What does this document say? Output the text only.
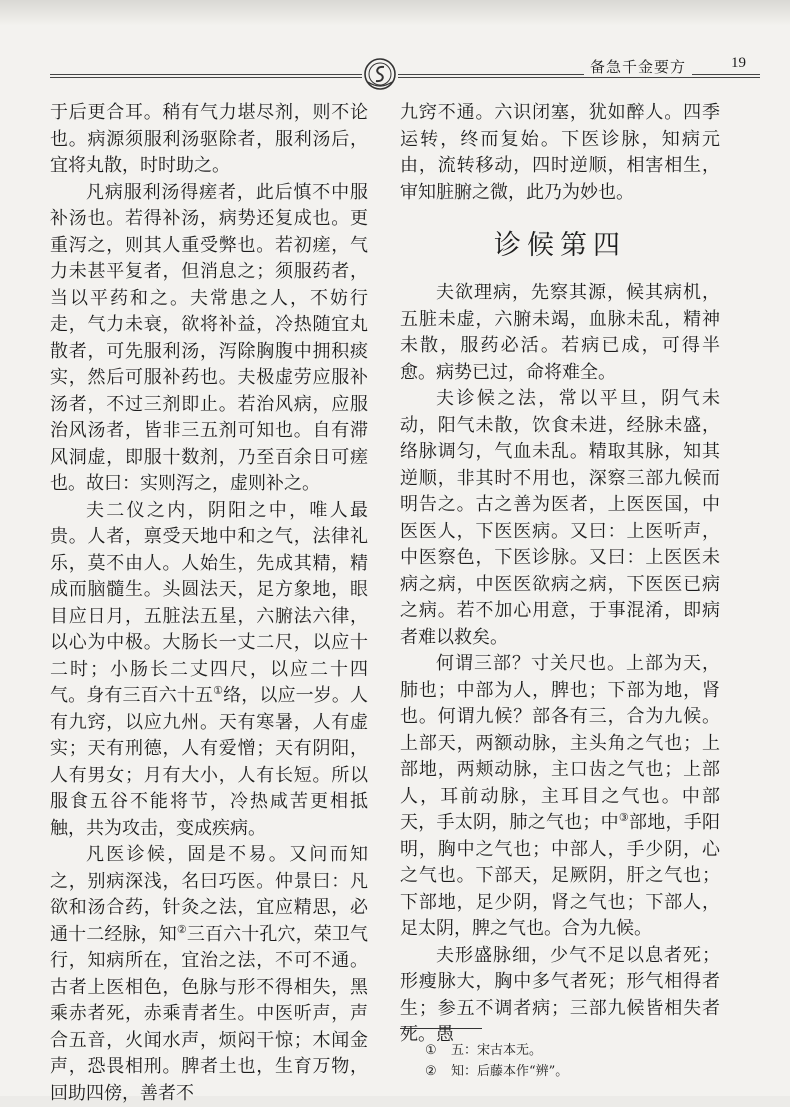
备急千金要方	19

于后更合耳。稍有气力堪尽剂，则不论也。病源须服利汤驱除者，服利汤后，宜将丸散，时时助之。

凡病服利汤得瘥者，此后慎不中服补汤也。若得补汤，病势还复成也。更重泻之，则其人重受弊也。若初瘥，气力未甚平复者，但消息之；须服药者，当以平药和之。夫常患之人，不妨行走，气力未衰，欲将补益，冷热随宜丸散者，可先服利汤，泻除胸腹中拥积痰实，然后可服补药也。夫极虚劳应服补汤者，不过三剂即止。若治风病，应服治风汤者，皆非三五剂可知也。自有滞风洞虚，即服十数剂，乃至百余日可瘥也。故曰：实则泻之，虚则补之。

夫二仪之内，阴阳之中，唯人最贵。人者，禀受天地中和之气，法律礼乐，莫不由人。人始生，先成其精，精成而脑髓生。头圆法天，足方象地，眼目应日月，五脏法五星，六腑法六律，以心为中极。大肠长一丈二尺，以应十二时；小肠长二丈四尺，以应二十四气。身有三百六十五①络，以应一岁。人有九窍，以应九州。天有寒暑，人有虚实；天有刑德，人有爱憎；天有阴阳，人有男女；月有大小，人有长短。所以服食五谷不能将节，冷热咸苦更相抵触，共为攻击，变成疾病。

凡医诊候，固是不易。又问而知之，别病深浅，名曰巧医。仲景曰：凡欲和汤合药，针灸之法，宜应精思，必通十二经脉，知②三百六十孔穴，荣卫气行，知病所在，宜治之法，不可不通。古者上医相色，色脉与形不得相失，黑乘赤者死，赤乘青者生。中医听声，声合五音，火闻水声，烦闷干惊；木闻金声，恐畏相刑。脾者土也，生育万物，回助四傍，善者不

九窍不通。六识闭塞，犹如醉人。四季运转，终而复始。下医诊脉，知病元由，流转移动，四时逆顺，相害相生，审知脏腑之微，此乃为妙也。

诊候第四

夫欲理病，先察其源，候其病机，五脏未虚，六腑未竭，血脉未乱，精神未散，服药必活。若病已成，可得半愈。病势已过，命将难全。

夫诊候之法，常以平旦，阴气未动，阳气未散，饮食未进，经脉未盛，络脉调匀，气血未乱。精取其脉，知其逆顺，非其时不用也，深察三部九候而明告之。古之善为医者，上医医国，中医医人，下医医病。又曰：上医听声，中医察色，下医诊脉。又曰：上医医未病之病，中医医欲病之病，下医医已病之病。若不加心用意，于事混淆，即病者难以救矣。

何谓三部？寸关尺也。上部为天，肺也；中部为人，脾也；下部为地，肾也。何谓九候？部各有三，合为九候。上部天，两额动脉，主头角之气也；上部地，两颊动脉，主口齿之气也；上部人，耳前动脉，主耳目之气也。中部天，手太阴，肺之气也；中③部地，手阳明，胸中之气也；中部人，手少阴，心之气也。下部天，足厥阴，肝之气也；下部地，足少阴，肾之气也；下部人，足太阴，脾之气也。合为九候。

夫形盛脉细，少气不足以息者死；形瘦脉大，胸中多气者死；形气相得者生；参五不调者病；三部九候皆相失者死。愚

① 五：宋古本无。
② 知：后藤本作“辨”。
